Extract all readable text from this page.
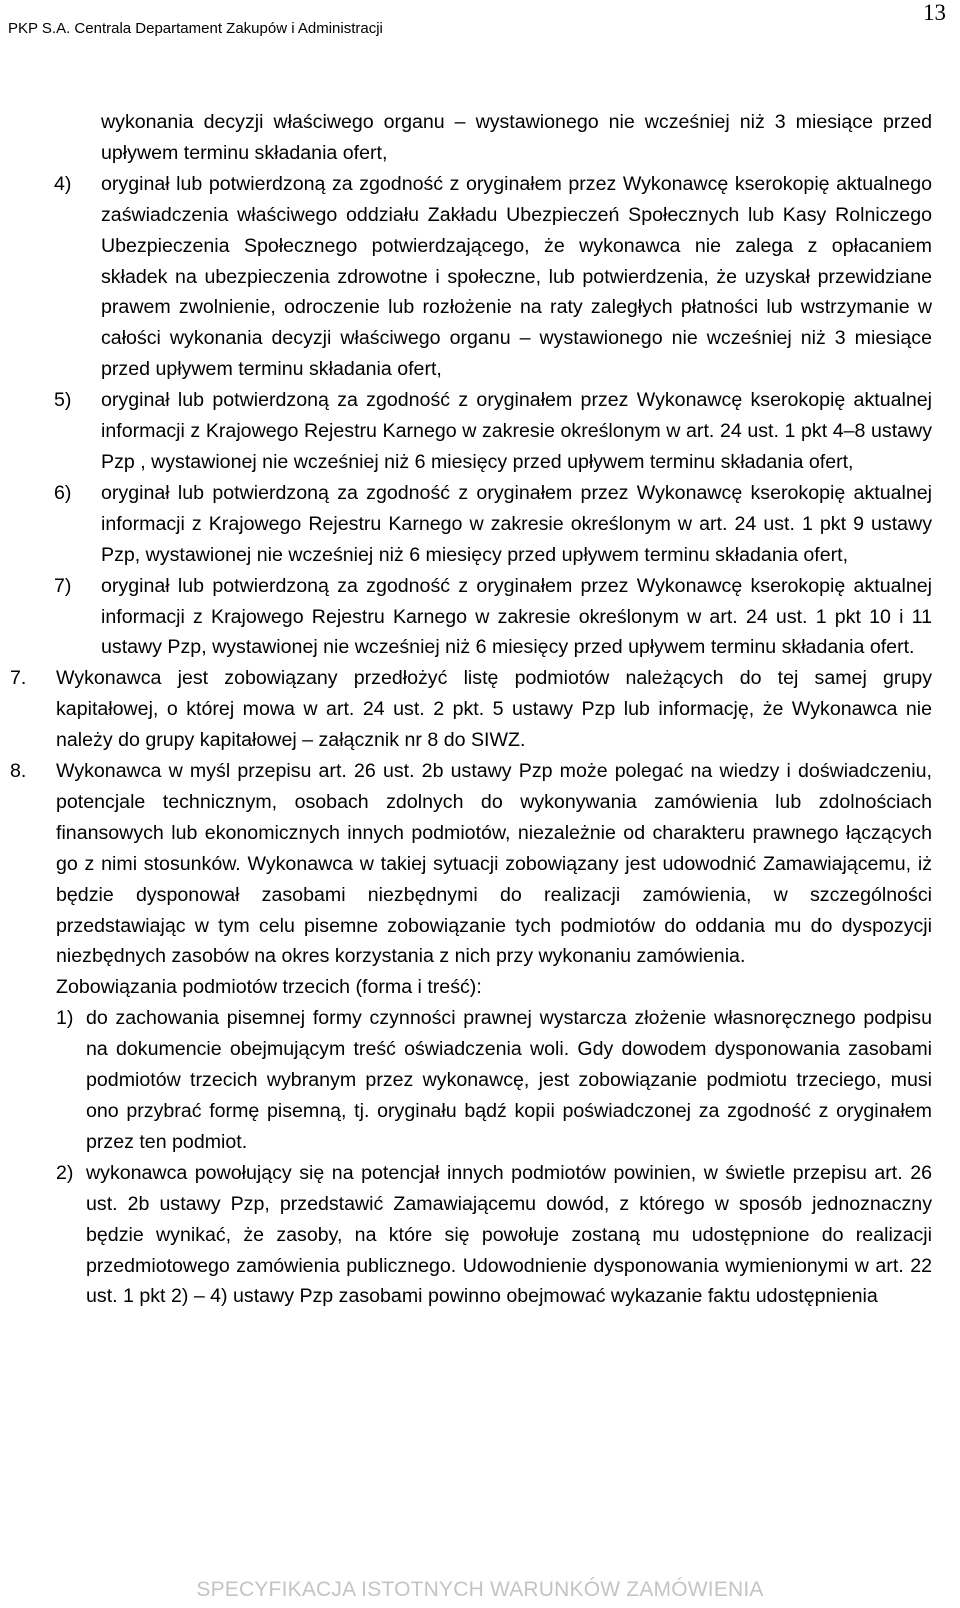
PKP S.A. Centrala Departament Zakupów i Administracji
13
wykonania decyzji właściwego organu – wystawionego nie wcześniej niż 3 miesiące przed upływem terminu składania ofert,
4) oryginał lub potwierdzoną za zgodność z oryginałem przez Wykonawcę kserokopię aktualnego zaświadczenia właściwego oddziału Zakładu Ubezpieczeń Społecznych lub Kasy Rolniczego Ubezpieczenia Społecznego potwierdzającego, że wykonawca nie zalega z opłacaniem składek na ubezpieczenia zdrowotne i społeczne, lub potwierdzenia, że uzyskał przewidziane prawem zwolnienie, odroczenie lub rozłożenie na raty zaległych płatności lub wstrzymanie w całości wykonania decyzji właściwego organu – wystawionego nie wcześniej niż 3 miesiące przed upływem terminu składania ofert,
5) oryginał lub potwierdzoną za zgodność z oryginałem przez Wykonawcę kserokopię aktualnej informacji z Krajowego Rejestru Karnego w zakresie określonym w art. 24 ust. 1 pkt 4–8 ustawy Pzp , wystawionej nie wcześniej niż 6 miesięcy przed upływem terminu składania ofert,
6) oryginał lub potwierdzoną za zgodność z oryginałem przez Wykonawcę kserokopię aktualnej informacji z Krajowego Rejestru Karnego w zakresie określonym w art. 24 ust. 1 pkt 9 ustawy Pzp, wystawionej nie wcześniej niż 6 miesięcy przed upływem terminu składania ofert,
7) oryginał lub potwierdzoną za zgodność z oryginałem przez Wykonawcę kserokopię aktualnej informacji z Krajowego Rejestru Karnego w zakresie określonym w art. 24 ust. 1 pkt 10 i 11 ustawy Pzp, wystawionej nie wcześniej niż 6 miesięcy przed upływem terminu składania ofert.
7. Wykonawca jest zobowiązany przedłożyć listę podmiotów należących do tej samej grupy kapitałowej, o której mowa w art. 24 ust. 2 pkt. 5 ustawy Pzp lub informację, że Wykonawca nie należy do grupy kapitałowej – załącznik nr 8 do SIWZ.
8. Wykonawca w myśl przepisu art. 26 ust. 2b ustawy Pzp może polegać na wiedzy i doświadczeniu, potencjale technicznym, osobach zdolnych do wykonywania zamówienia lub zdolnościach finansowych lub ekonomicznych innych podmiotów, niezależnie od charakteru prawnego łączących go z nimi stosunków. Wykonawca w takiej sytuacji zobowiązany jest udowodnić Zamawiającemu, iż będzie dysponował zasobami niezbędnymi do realizacji zamówienia, w szczególności przedstawiając w tym celu pisemne zobowiązanie tych podmiotów do oddania mu do dyspozycji niezbędnych zasobów na okres korzystania z nich przy wykonaniu zamówienia.
Zobowiązania podmiotów trzecich (forma i treść):
1) do zachowania pisemnej formy czynności prawnej wystarcza złożenie własnoręcznego podpisu na dokumencie obejmującym treść oświadczenia woli. Gdy dowodem dysponowania zasobami podmiotów trzecich wybranym przez wykonawcę, jest zobowiązanie podmiotu trzeciego, musi ono przybrać formę pisemną, tj. oryginału bądź kopii poświadczonej za zgodność z oryginałem przez ten podmiot.
2) wykonawca powołujący się na potencjał innych podmiotów powinien, w świetle przepisu art. 26 ust. 2b ustawy Pzp, przedstawić Zamawiającemu dowód, z którego w sposób jednoznaczny będzie wynikać, że zasoby, na które się powołuje zostaną mu udostępnione do realizacji przedmiotowego zamówienia publicznego. Udowodnienie dysponowania wymienionymi w art. 22 ust. 1 pkt 2) – 4) ustawy Pzp zasobami powinno obejmować wykazanie faktu udostępnienia
SPECYFIKACJA ISTOTNYCH WARUNKÓW ZAMÓWIENIA
